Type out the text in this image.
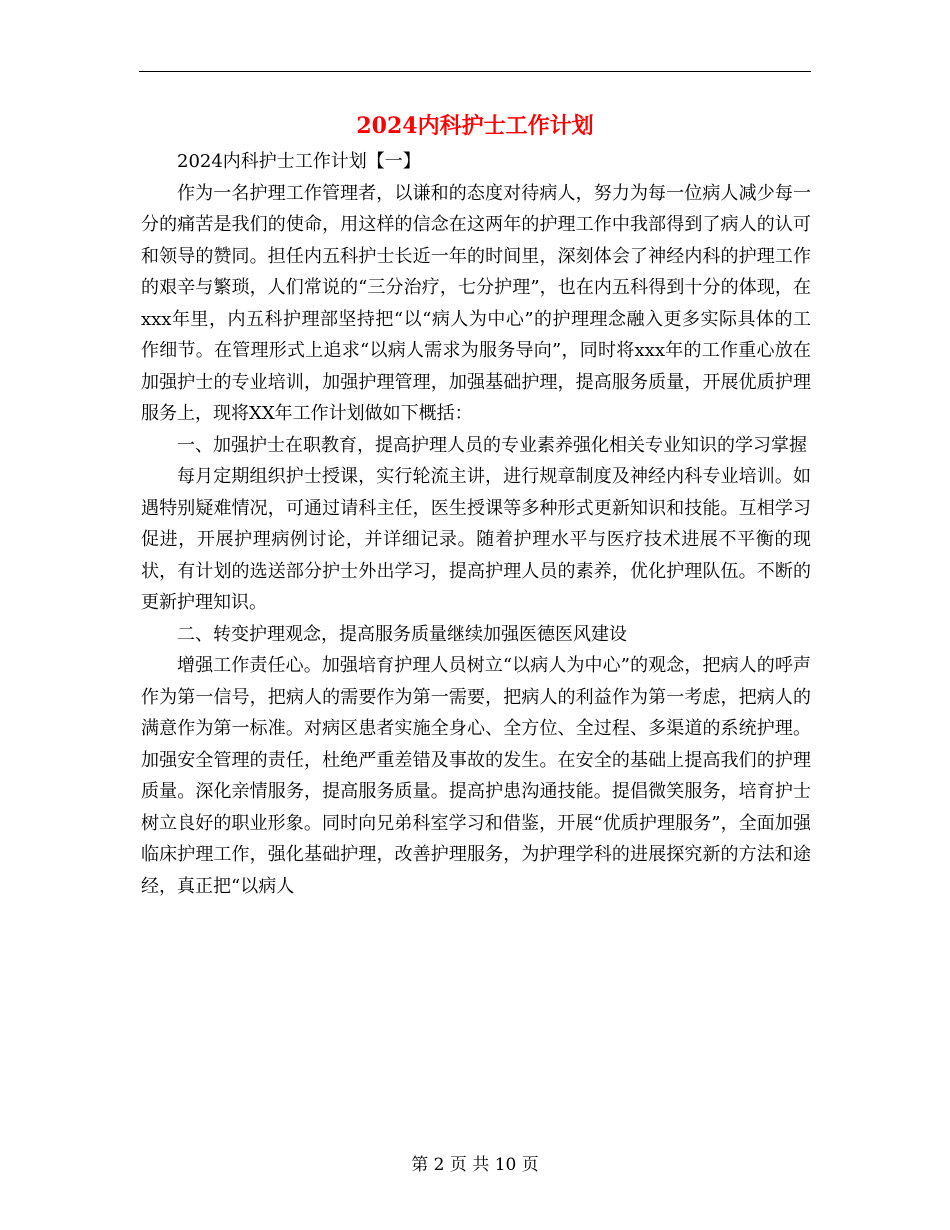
2024内科护士工作计划

2024内科护士工作计划【一】

作为一名护理工作管理者，以谦和的态度对待病人，努力为每一位病人减少每一分的痛苦是我们的使命，用这样的信念在这两年的护理工作中我部得到了病人的认可和领导的赞同。担任内五科护士长近一年的时间里，深刻体会了神经内科的护理工作的艰辛与繁琐，人们常说的“三分治疗，七分护理”，也在内五科得到十分的体现，在xxx年里，内五科护理部坚持把“以“病人为中心”的护理理念融入更多实际具体的工作细节。在管理形式上追求“以病人需求为服务导向”，同时将xxx年的工作重心放在加强护士的专业培训，加强护理管理，加强基础护理，提高服务质量，开展优质护理服务上，现将XX年工作计划做如下概括：

一、加强护士在职教育，提高护理人员的专业素养强化相关专业知识的学习掌握

每月定期组织护士授课，实行轮流主讲，进行规章制度及神经内科专业培训。如遇特别疑难情况，可通过请科主任，医生授课等多种形式更新知识和技能。互相学习促进，开展护理病例讨论，并详细记录。随着护理水平与医疗技术进展不平衡的现状，有计划的选送部分护士外出学习，提高护理人员的素养，优化护理队伍。不断的更新护理知识。

二、转变护理观念，提高服务质量继续加强医德医风建设

增强工作责任心。加强培育护理人员树立“以病人为中心”的观念，把病人的呼声作为第一信号，把病人的需要作为第一需要，把病人的利益作为第一考虑，把病人的满意作为第一标准。对病区患者实施全身心、全方位、全过程、多渠道的系统护理。加强安全管理的责任，杜绝严重差错及事故的发生。在安全的基础上提高我们的护理质量。深化亲情服务，提高服务质量。提高护患沟通技能。提倡微笑服务，培育护士树立良好的职业形象。同时向兄弟科室学习和借鉴，开展“优质护理服务”，全面加强临床护理工作，强化基础护理，改善护理服务，为护理学科的进展探究新的方法和途经，真正把“以病人

第 2 页 共 10 页
